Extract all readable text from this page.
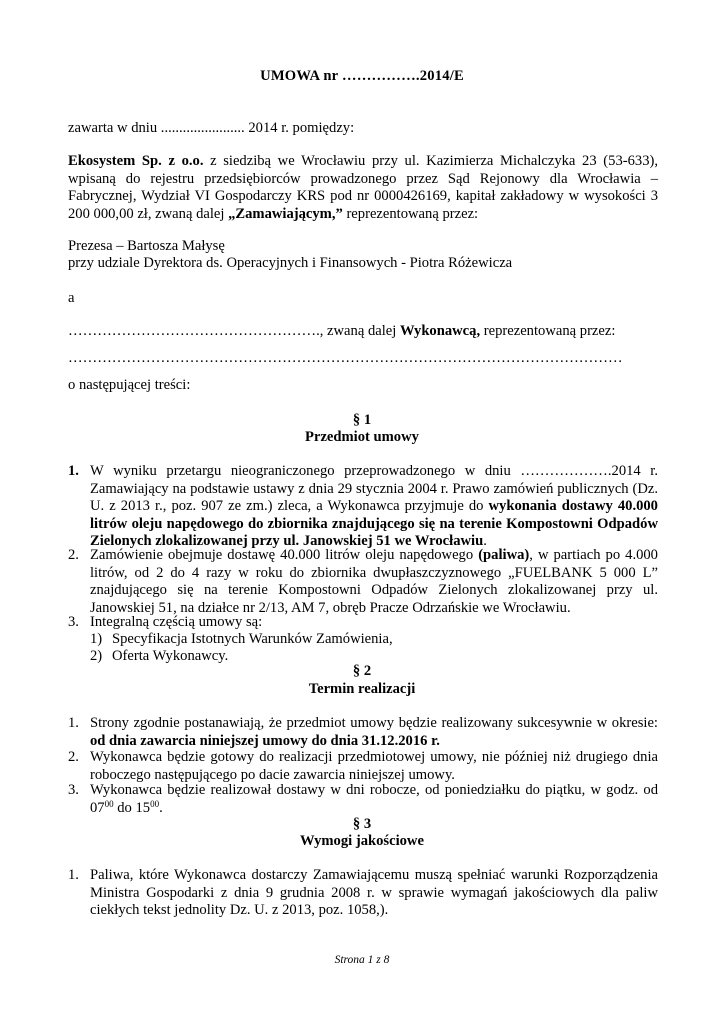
UMOWA nr …………….2014/E
zawarta w dniu ....................... 2014 r. pomiędzy:
Ekosystem Sp. z o.o. z siedzibą we Wrocławiu przy ul. Kazimierza Michalczyka 23 (53-633), wpisaną do rejestru przedsiębiorców prowadzonego przez Sąd Rejonowy dla Wrocławia – Fabrycznej, Wydział VI Gospodarczy KRS pod nr 0000426169, kapitał zakładowy w wysokości 3 200 000,00 zł, zwaną dalej „Zamawiającym,” reprezentowaną przez:
Prezesa – Bartosza Małysę
przy udziale Dyrektora ds. Operacyjnych i Finansowych - Piotra Różewicza
a
……………………………………………., zwaną dalej Wykonawcą, reprezentowaną przez:
……………………………………………………………………………………………………
o następującej treści:
§ 1
Przedmiot umowy
1. W wyniku przetargu nieograniczonego przeprowadzonego w dniu ……………….2014 r. Zamawiający na podstawie ustawy z dnia 29 stycznia 2004 r. Prawo zamówień publicznych (Dz. U. z 2013 r., poz. 907 ze zm.) zleca, a Wykonawca przyjmuje do wykonania dostawy 40.000 litrów oleju napędowego do zbiornika znajdującego się na terenie Kompostowni Odpadów Zielonych zlokalizowanej przy ul. Janowskiej 51 we Wrocławiu.
2. Zamówienie obejmuje dostawę 40.000 litrów oleju napędowego (paliwa), w partiach po 4.000 litrów, od 2 do 4 razy w roku do zbiornika dwupłaszczyznowego „FUELBANK 5 000 L” znajdującego się na terenie Kompostowni Odpadów Zielonych zlokalizowanej przy ul. Janowskiej 51, na działce nr 2/13, AM 7, obręb Pracze Odrzańskie we Wrocławiu.
3. Integralną częścią umowy są:
1) Specyfikacja Istotnych Warunków Zamówienia,
2) Oferta Wykonawcy.
§ 2
Termin realizacji
1. Strony zgodnie postanawiają, że przedmiot umowy będzie realizowany sukcesywnie w okresie: od dnia zawarcia niniejszej umowy do dnia 31.12.2016 r.
2. Wykonawca będzie gotowy do realizacji przedmiotowej umowy, nie później niż drugiego dnia roboczego następującego po dacie zawarcia niniejszej umowy.
3. Wykonawca będzie realizował dostawy w dni robocze, od poniedziałku do piątku, w godz. od $07^{00}$ do $15^{00}$.
§ 3
Wymogi jakościowe
1. Paliwa, które Wykonawca dostarczy Zamawiającemu muszą spełniać warunki Rozporządzenia Ministra Gospodarki z dnia 9 grudnia 2008 r. w sprawie wymagań jakościowych dla paliw ciekłych tekst jednolity Dz. U. z 2013, poz. 1058,).
Strona 1 z 8
